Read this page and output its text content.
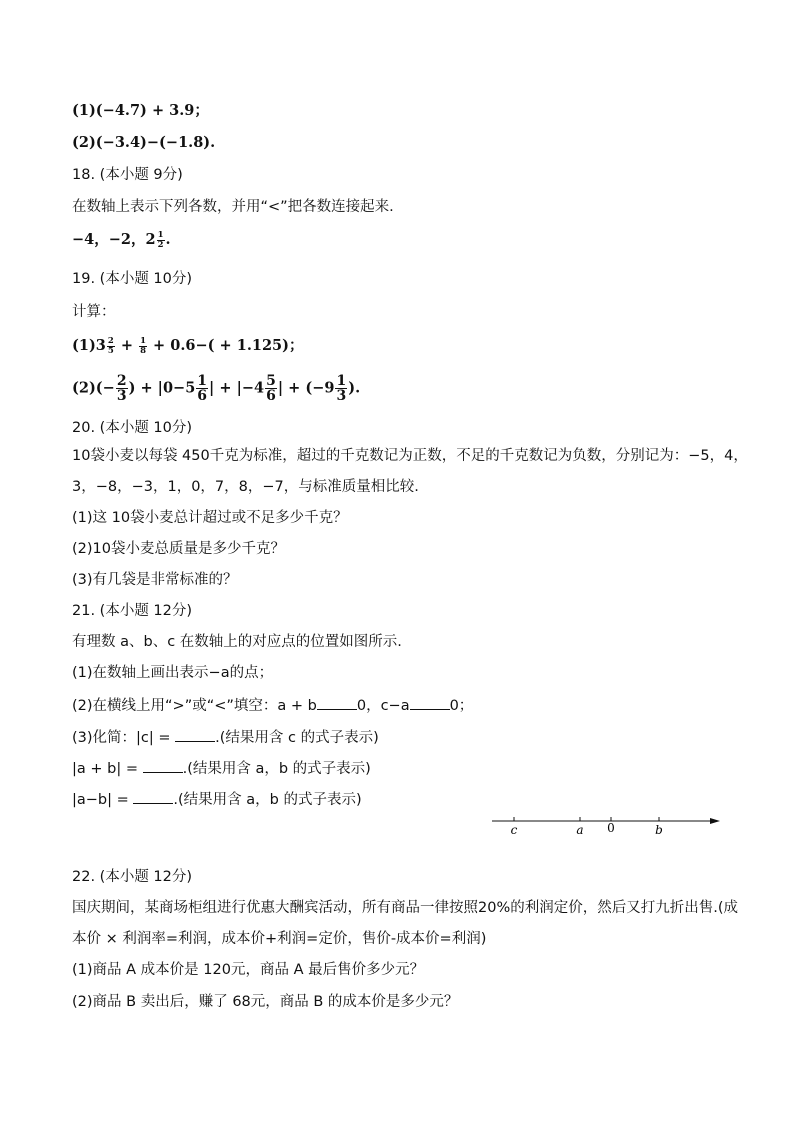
(1)(−4.7) + 3.9；
(2)(−3.4)−(−1.8).
18. (本小题 9分)
在数轴上表示下列各数，并用“<”把各数连接起来.
−4，−2，$2 \frac{1}{2}$ .
19. (本小题 10分)
计算：
$(1)3 \frac{2}{5} + \frac{1}{8} + 0.6-( + 1.125)$；
$(2)(- \frac{2}{3}$ ) + $|0-5 \frac{1}{6}$ | + $|-4 \frac{5}{6}$ | + ($-9 \frac{1}{3}$ ).
20. (本小题 10分)
10袋小麦以每袋 450千克为标准，超过的千克数记为正数，不足的千克数记为负数，分别记为：−5，4，
3，−8，−3，1，0，7，8，−7，与标准质量相比较.
(1)这 10袋小麦总计超过或不足多少千克？
(2)10袋小麦总质量是多少千克？
(3)有几袋是非常标准的？
21. (本小题 12分)
有理数 a、b、c 在数轴上的对应点的位置如图所示.
(1)在数轴上画出表示−a的点；
(2)在横线上用“>”或“<”填空：a + b	0，c−a	0；
(3)化简：|c| =	.(结果用含 c 的式子表示)
|a + b| =	.(结果用含 a，b 的式子表示)
|a−b| =	.(结果用含 a，b 的式子表示)
c	a 0	b
22. (本小题 12分)
国庆期间，某商场柜组进行优惠大酬宾活动，所有商品一律按照20%的利润定价，然后又打九折出售.(成
本价 × 利润率=利润，成本价+利润=定价，售价-成本价=利润)
(1)商品 A 成本价是 120元，商品 A 最后售价多少元？
(2)商品 B 卖出后，赚了 68元，商品 B 的成本价是多少元？
